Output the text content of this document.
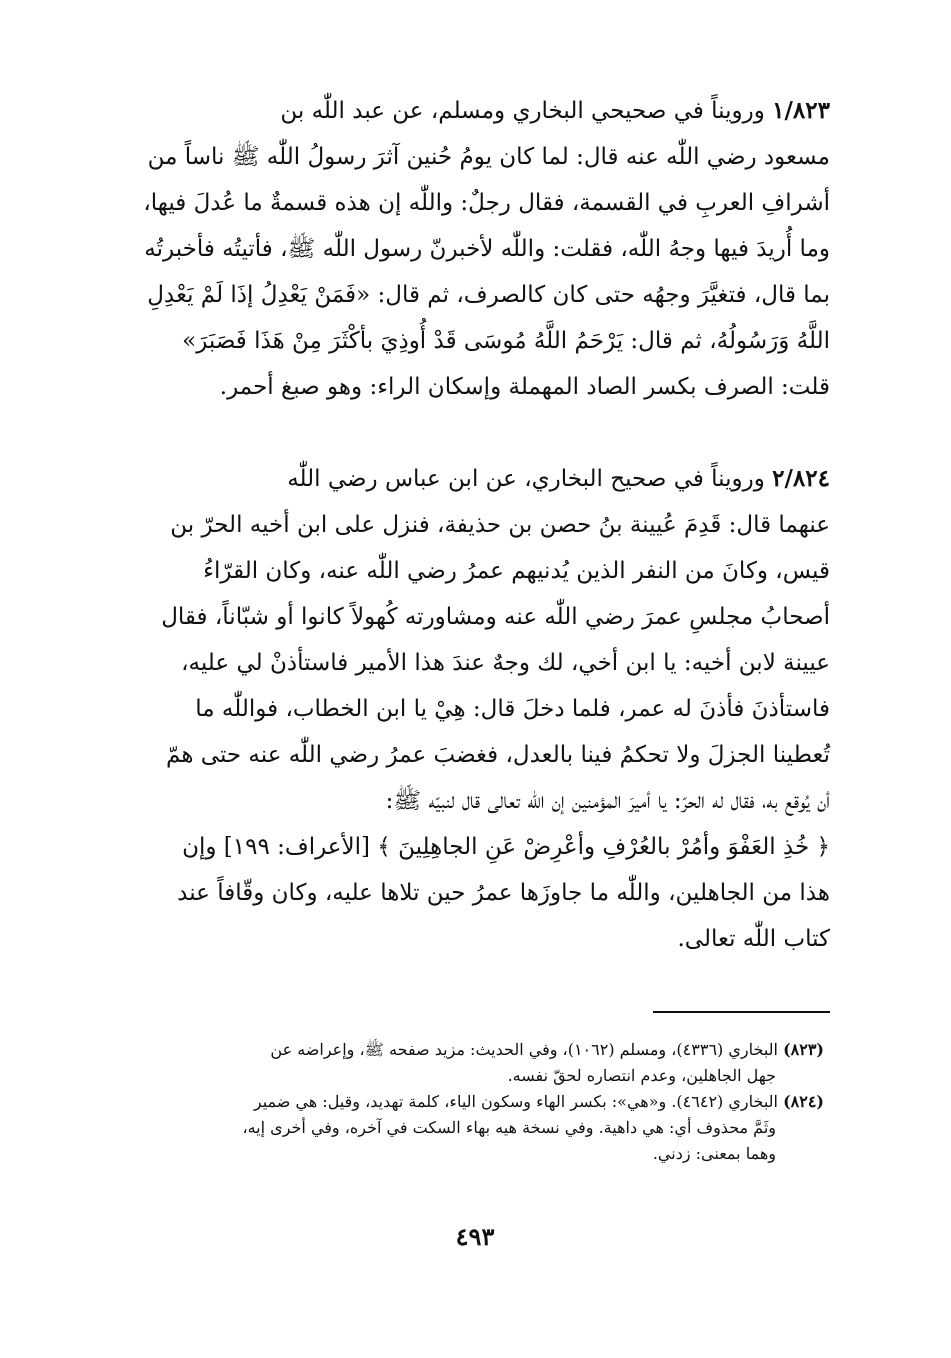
١/٨٢٣ ورويناً في صحيحي البخاري ومسلم، عن عبد اللّٰه بن
مسعود رضي اللّٰه عنه قال: لما كان يومُ حُنين آثرَ رسولُ اللّٰه ﷺ ناساً من
أشرافِ العربِ في القسمة، فقال رجلٌ: واللّٰه إن هذه قسمةٌ ما عُدلَ فيها،
وما أُريدَ فيها وجهُ اللّٰه، فقلت: واللّٰه لأخبرنّ رسول اللّٰه ﷺ، فأتيتُه فأخبرتُه
بما قال، فتغيَّرَ وجهُه حتى كان كالصرف، ثم قال: «فَمَنْ يَعْدِلُ إذَا لَمْ يَعْدِلِ
اللَّهُ وَرَسُولُهُ، ثم قال: يَرْحَمُ اللَّهُ مُوسَى قَدْ أُوذِيَ بأكْثَرَ مِنْ هَذَا فَصَبَرَ»
قلت: الصرف بكسر الصاد المهملة وإسكان الراء: وهو صبغ أحمر.
٢/٨٢٤ ورويناً في صحيح البخاري، عن ابن عباس رضي اللّٰه
عنهما قال: قَدِمَ عُيينة بنُ حصن بن حذيفة، فنزل على ابن أخيه الحرّ بن
قيس، وكانَ من النفر الذين يُدنيهم عمرُ رضي اللّٰه عنه، وكان القرّاءُ
أصحابُ مجلسِ عمرَ رضي اللّٰه عنه ومشاورته كُهولاً كانوا أو شبّاناً، فقال
عيينة لابن أخيه: يا ابن أخي، لك وجهٌ عندَ هذا الأمير فاستأذنْ لي عليه،
فاستأذنَ فأذنَ له عمر، فلما دخلَ قال: هِيْ يا ابن الخطاب، فواللّٰه ما
تُعطينا الجزلَ ولا تحكمُ فينا بالعدل، فغضبَ عمرُ رضي اللّٰه عنه حتى همّ
أن يُوقع به، فقال له الحرّ: يا أميرَ المؤمنين إن اللّٰه تعالى قال لنبيّه ﷺ:
﴿ خُذِ العَفْوَ وأمُرْ بالعُرْفِ وأعْرِضْ عَنِ الجاهِلِينَ ﴾ [الأعراف: ١٩٩] وإن
هذا من الجاهلين، واللّٰه ما جاوزَها عمرُ حين تلاها عليه، وكان وقّافاً عند
كتاب اللّٰه تعالى.
(٨٢٣) البخاري (٤٣٣٦)، ومسلم (١٠٦٢)، وفي الحديث: مزيد صفحه ﷺ، وإعراضه عن
جهل الجاهلين، وعدم انتصاره لحقّ نفسه.
(٨٢٤) البخاري (٤٦٤٢). و«هي»: بكسر الهاء وسكون الياء، كلمة تهديد، وقيل: هي ضمير
وثَمَّ محذوف أي: هي داهية. وفي نسخة هيه بهاء السكت في آخره، وفي أخرى إيه،
وهما بمعنى: زدني.
٤٩٣
